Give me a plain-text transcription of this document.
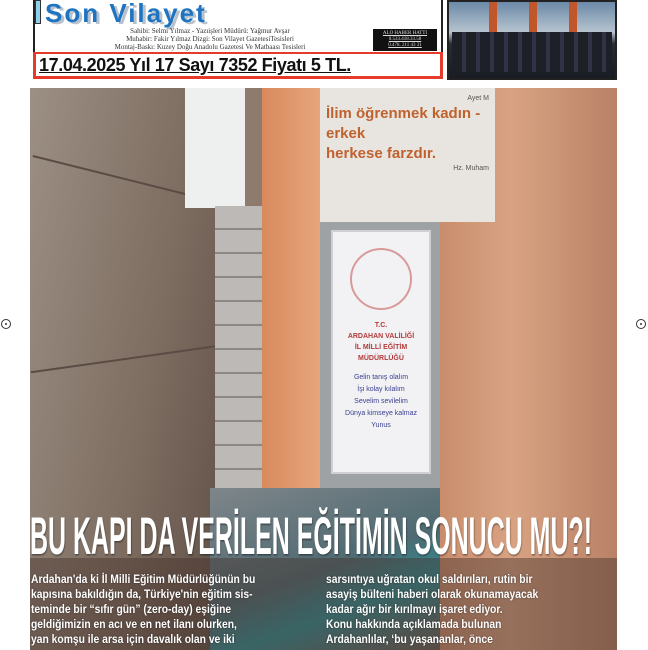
Son Vilayet
Sahibi: Selmi Yılmaz - Yazıişleri Müdürü: Yağmur Avşar
Muhabir: Fakir Yılmaz Dizgi: Son Vilayet GazetesiTesisleri
Montaj-Baskı: Kuzey Doğu Anadolu Gazetesi Ve Matbaası Tesisleri
ALO HABER HATTI
0.533.418.33.58
0.478. 211 43 31
17.04.2025 Yıl 17 Sayı 7352 Fiyatı 5 TL.
Ayet M
İlim öğrenmek kadın - erkek
herkese farzdır.
Hz. Muham
T.C.
ARDAHAN VALİLİĞİ
İL MİLLİ EĞİTİM
MÜDÜRLÜĞÜ
Gelin tanış olalım
İşi kolay kılalım
Sevelim sevilelim
Dünya kimseye kalmaz
Yunus
BU KAPI DA VERİLEN EĞİTİMİN SONUCU MU?!
Ardahan'da ki İl Milli Eğitim Müdürlüğünün bu
kapısına bakıldığın da, Türkiye'nin eğitim sis-
teminde bir “sıfır gün” (zero-day) eşiğine
geldiğimizin en acı ve en net ilanı olurken,
yan komşu ile arsa için davalık olan ve iki
sarsıntıya uğratan okul saldırıları, rutin bir
asayiş bülteni haberi olarak okunamayacak
kadar ağır bir kırılmayı işaret ediyor.
Konu hakkında açıklamada bulunan
Ardahanlılar, ‘bu yaşananlar, önce
